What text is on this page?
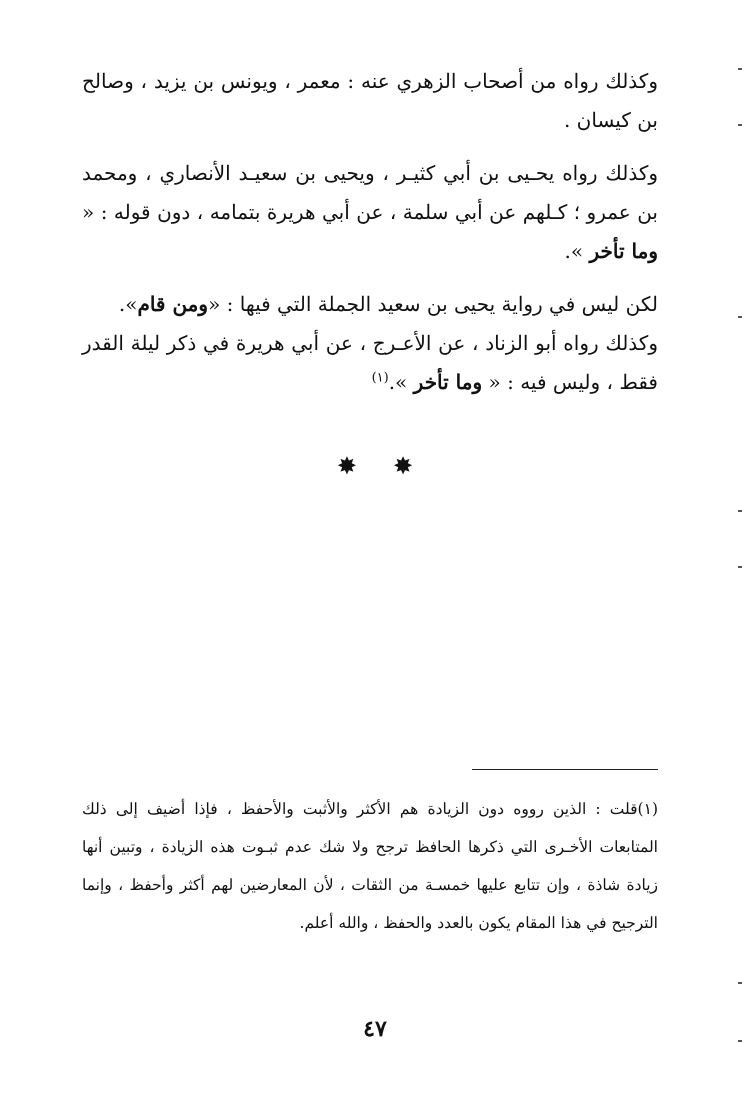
وكذلك رواه من أصحاب الزهري عنه : معمر ، ويونس بن يزيد ، وصالح بن كيسان .

وكذلك رواه يحـيى بن أبي كثيـر ، ويحيى بن سعيـد الأنصاري ، ومحمد بن عمرو ؛ كـلهم عن أبي سلمة ، عن أبي هريرة بتمامه ، دون قوله : « وما تأخر ».

لكن ليس في رواية يحيى بن سعيد الجملة التي فيها : «ومن قام».

وكذلك رواه أبو الزناد ، عن الأعـرج ، عن أبي هريرة في ذكر ليلة القدر فقط ، وليس فيه : « وما تأخر ».$^{(١)}$

✸✸

(١)قلت : الذين رووه دون الزيادة هم الأكثر والأثبت والأحفظ ، فإذا أضيف إلى ذلك المتابعات الأخـرى التي ذكرها الحافظ ترجح ولا شك عدم ثبـوت هذه الزيادة ، وتبين أنها زيادة شاذة ، وإن تتابع عليها خمسـة من الثقات ، لأن المعارضين لهم أكثر وأحفظ ، وإنما الترجيح في هذا المقام يكون بالعدد والحفظ ، والله أعلم.

٤٧
